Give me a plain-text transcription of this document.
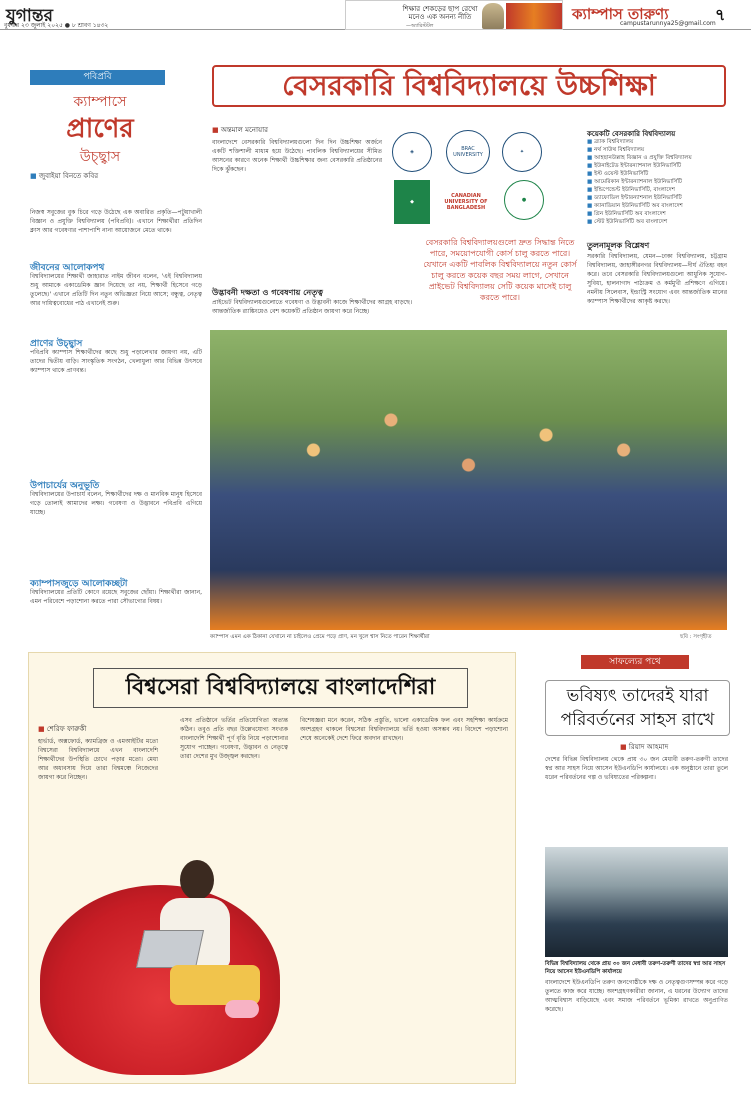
যুগান্তর
বুধবার ২৩ জুলাই ২০২৫ ● ৮ শ্রাবণ ১৪৩২
শিক্ষার শেকড়ের ছাপ রেখো মনেও এক অনন্য নীতি
—অ্যারিস্টটল
ক্যাম্পাস তারুণ্য	৭
campustarunnya25@gmail.com
পবিপ্রবি
ক্যাম্পাসে
প্রাণের
উচ্ছ্বাস
■ জুবাইয়া বিনতে কবির
নিজস্ব সবুজের বুক চিরে গড়ে উঠেছে এক অবারিত প্রকৃতি—পটুয়াখালী বিজ্ঞান ও প্রযুক্তি বিশ্ববিদ্যালয় (পবিপ্রবি)। এখানে শিক্ষার্থীরা প্রতিদিন ক্লাস আর গবেষণার পাশাপাশি নানা আয়োজনে মেতে থাকে।
জীবনের আলোকপথ
বিশ্ববিদ্যালয়ের শিক্ষার্থী জাহারাত নাইম জীবন বলেন, 'এই বিশ্ববিদ্যালয় শুধু আমাকে একাডেমিক জ্ঞান দিয়েছে তা নয়, শিক্ষার্থী হিসেবে গড়ে তুলেছে।' এখানে প্রতিটি দিন নতুন অভিজ্ঞতা নিয়ে আসে; বন্ধুত্ব, নেতৃত্ব আর দায়িত্ববোধের পাঠ এখানেই শুরু।
প্রাণের উচ্ছ্বাস
পবিপ্রবি ক্যাম্পাস শিক্ষার্থীদের কাছে শুধু পড়ালেখার জায়গা নয়, এটি তাদের দ্বিতীয় বাড়ি। সাংস্কৃতিক সংগঠন, খেলাধুলা আর বিভিন্ন উৎসবে ক্যাম্পাস থাকে প্রাণবন্ত।
উপাচার্যের অনুভূতি
বিশ্ববিদ্যালয়ের উপাচার্য বলেন, শিক্ষার্থীদের দক্ষ ও মানবিক মানুষ হিসেবে গড়ে তোলাই আমাদের লক্ষ্য। গবেষণা ও উদ্ভাবনে পবিপ্রবি এগিয়ে যাচ্ছে।
ক্যাম্পাসজুড়ে আলোকচ্ছটা
বিশ্ববিদ্যালয়ের প্রতিটি কোণে রয়েছে সবুজের ছোঁয়া। শিক্ষার্থীরা জানান, এমন পরিবেশে পড়াশোনা করতে পারা সৌভাগ্যের বিষয়।
বেসরকারি বিশ্ববিদ্যালয়ে উচ্চশিক্ষা
■ অন্তমাল মনোয়ার
বাংলাদেশে বেসরকারি বিশ্ববিদ্যালয়গুলো দিন দিন উচ্চশিক্ষা অর্জনে একটি শক্তিশালী মাধ্যম হয়ে উঠেছে। পাবলিক বিশ্ববিদ্যালয়ের সীমিত আসনের কারণে অনেক শিক্ষার্থী উচ্চশিক্ষার জন্য বেসরকারি প্রতিষ্ঠানের দিকে ঝুঁকছেন।
উদ্ভাবনী দক্ষতা ও গবেষণায় নেতৃত্ব
প্রাইভেট বিশ্ববিদ্যালয়গুলোতে গবেষণা ও উদ্ভাবনী কাজে শিক্ষার্থীদের আগ্রহ বাড়ছে। আন্তর্জাতিক র‍্যাঙ্কিংয়েও বেশ কয়েকটি প্রতিষ্ঠান জায়গা করে নিচ্ছে।
◈	BRAC UNIVERSITY	✦
◆
CANADIAN UNIVERSITY OF BANGLADESH
●
বেসরকারি বিশ্ববিদ্যালয়গুলো দ্রুত সিদ্ধান্ত নিতে পারে, সময়োপযোগী কোর্স চালু করতে পারে। যেখানে একটি পাবলিক বিশ্ববিদ্যালয়ে নতুন কোর্স চালু করতে কয়েক বছর সময় লাগে, সেখানে প্রাইভেট বিশ্ববিদ্যালয় সেটি কয়েক মাসেই চালু করতে পারে।
কয়েকটি বেসরকারি বিশ্ববিদ্যালয়
■ ব্র্যাক বিশ্ববিদ্যালয়
■ নর্থ সাউথ বিশ্ববিদ্যালয়
■ আহছানউল্লাহ বিজ্ঞান ও প্রযুক্তি বিশ্ববিদ্যালয়
■ ইউনাইটেড ইন্টারন্যাশনাল ইউনিভার্সিটি
■ ইস্ট ওয়েস্ট ইউনিভার্সিটি
■ আমেরিকান ইন্টারন্যাশনাল ইউনিভার্সিটি
■ ইন্ডিপেন্ডেন্ট ইউনিভার্সিটি, বাংলাদেশ
■ ড্যাফোডিল ইন্টারন্যাশনাল ইউনিভার্সিটি
■ ক্যানাডিয়ান ইউনিভার্সিটি অব বাংলাদেশ
■ গ্রিন ইউনিভার্সিটি অব বাংলাদেশ
■ স্টেট ইউনিভার্সিটি অব বাংলাদেশ
তুলনামূলক বিশ্লেষণ
সরকারি বিশ্ববিদ্যালয়, যেমন—ঢাকা বিশ্ববিদ্যালয়, চট্টগ্রাম বিশ্ববিদ্যালয়, জাহাঙ্গীরনগর বিশ্ববিদ্যালয়—দীর্ঘ ঐতিহ্য বহন করে। তবে বেসরকারি বিশ্ববিদ্যালয়গুলো আধুনিক সুযোগ-সুবিধা, হালনাগাদ পাঠ্যক্রম ও কর্মমুখী প্রশিক্ষণে এগিয়ে। নমনীয় সিলেবাস, ইন্ডাস্ট্রি সংযোগ এবং আন্তর্জাতিক মানের ক্যাম্পাস শিক্ষার্থীদের আকৃষ্ট করছে।
ক্যাম্পাস এমন এক ঠিকানা যেখানে না চাইলেও প্রেমে পড়ে প্রাণ, মন খুলে শ্বাস নিতে পারেন শিক্ষার্থীরা	ছবি : সংগৃহীত
বিশ্বসেরা বিশ্ববিদ্যালয়ে বাংলাদেশিরা
■ শেরিফ ফারুকী
হার্ভার্ড, অক্সফোর্ড, ক্যামব্রিজ ও এমআইটির মতো বিশ্বসেরা বিশ্ববিদ্যালয়ে এখন বাংলাদেশি শিক্ষার্থীদের উপস্থিতি চোখে পড়ার মতো। মেধা আর অধ্যবসায় দিয়ে তারা বিশ্বমঞ্চে নিজেদের জায়গা করে নিচ্ছেন।
এসব প্রতিষ্ঠানে ভর্তির প্রতিযোগিতা অত্যন্ত কঠিন। তবুও প্রতি বছর উল্লেখযোগ্য সংখ্যক বাংলাদেশি শিক্ষার্থী পূর্ণ বৃত্তি নিয়ে পড়াশোনার সুযোগ পাচ্ছেন। গবেষণা, উদ্ভাবন ও নেতৃত্বে তারা দেশের মুখ উজ্জ্বল করছেন।
বিশেষজ্ঞরা মনে করেন, সঠিক প্রস্তুতি, ভালো একাডেমিক ফল এবং সহশিক্ষা কার্যক্রমে অংশগ্রহণ থাকলে বিশ্বসেরা বিশ্ববিদ্যালয়ে ভর্তি হওয়া অসম্ভব নয়। বিদেশে পড়াশোনা শেষে অনেকেই দেশে ফিরে অবদান রাখছেন।
সাফল্যের পথে
ভবিষ্যৎ তাদেরই যারা
পরিবর্তনের সাহস রাখে
■ রিয়াদ আহমাদ
দেশের বিভিন্ন বিশ্ববিদ্যালয় থেকে প্রায় ৩০ জন মেধাবী তরুণ-তরুণী তাদের স্বপ্ন আর সাহস নিয়ে আসেন ইউএনডিপি কার্যালয়ে। এক অনুষ্ঠানে তারা তুলে ধরেন পরিবর্তনের গল্প ও ভবিষ্যতের পরিকল্পনা।
বিভিন্ন বিশ্ববিদ্যালয় থেকে প্রায় ৩০ জন মেধাবী তরুণ-তরুণী তাদের স্বপ্ন আর সাহস নিয়ে আসেন ইউএনডিপি কার্যালয়ে
বাংলাদেশে ইউএনডিপি তরুণ জনগোষ্ঠীকে দক্ষ ও নেতৃত্বগুণসম্পন্ন করে গড়ে তুলতে কাজ করে যাচ্ছে। অংশগ্রহণকারীরা জানান, এ ধরনের উদ্যোগ তাদের আত্মবিশ্বাস বাড়িয়েছে এবং সমাজ পরিবর্তনে ভূমিকা রাখতে অনুপ্রাণিত করেছে।
